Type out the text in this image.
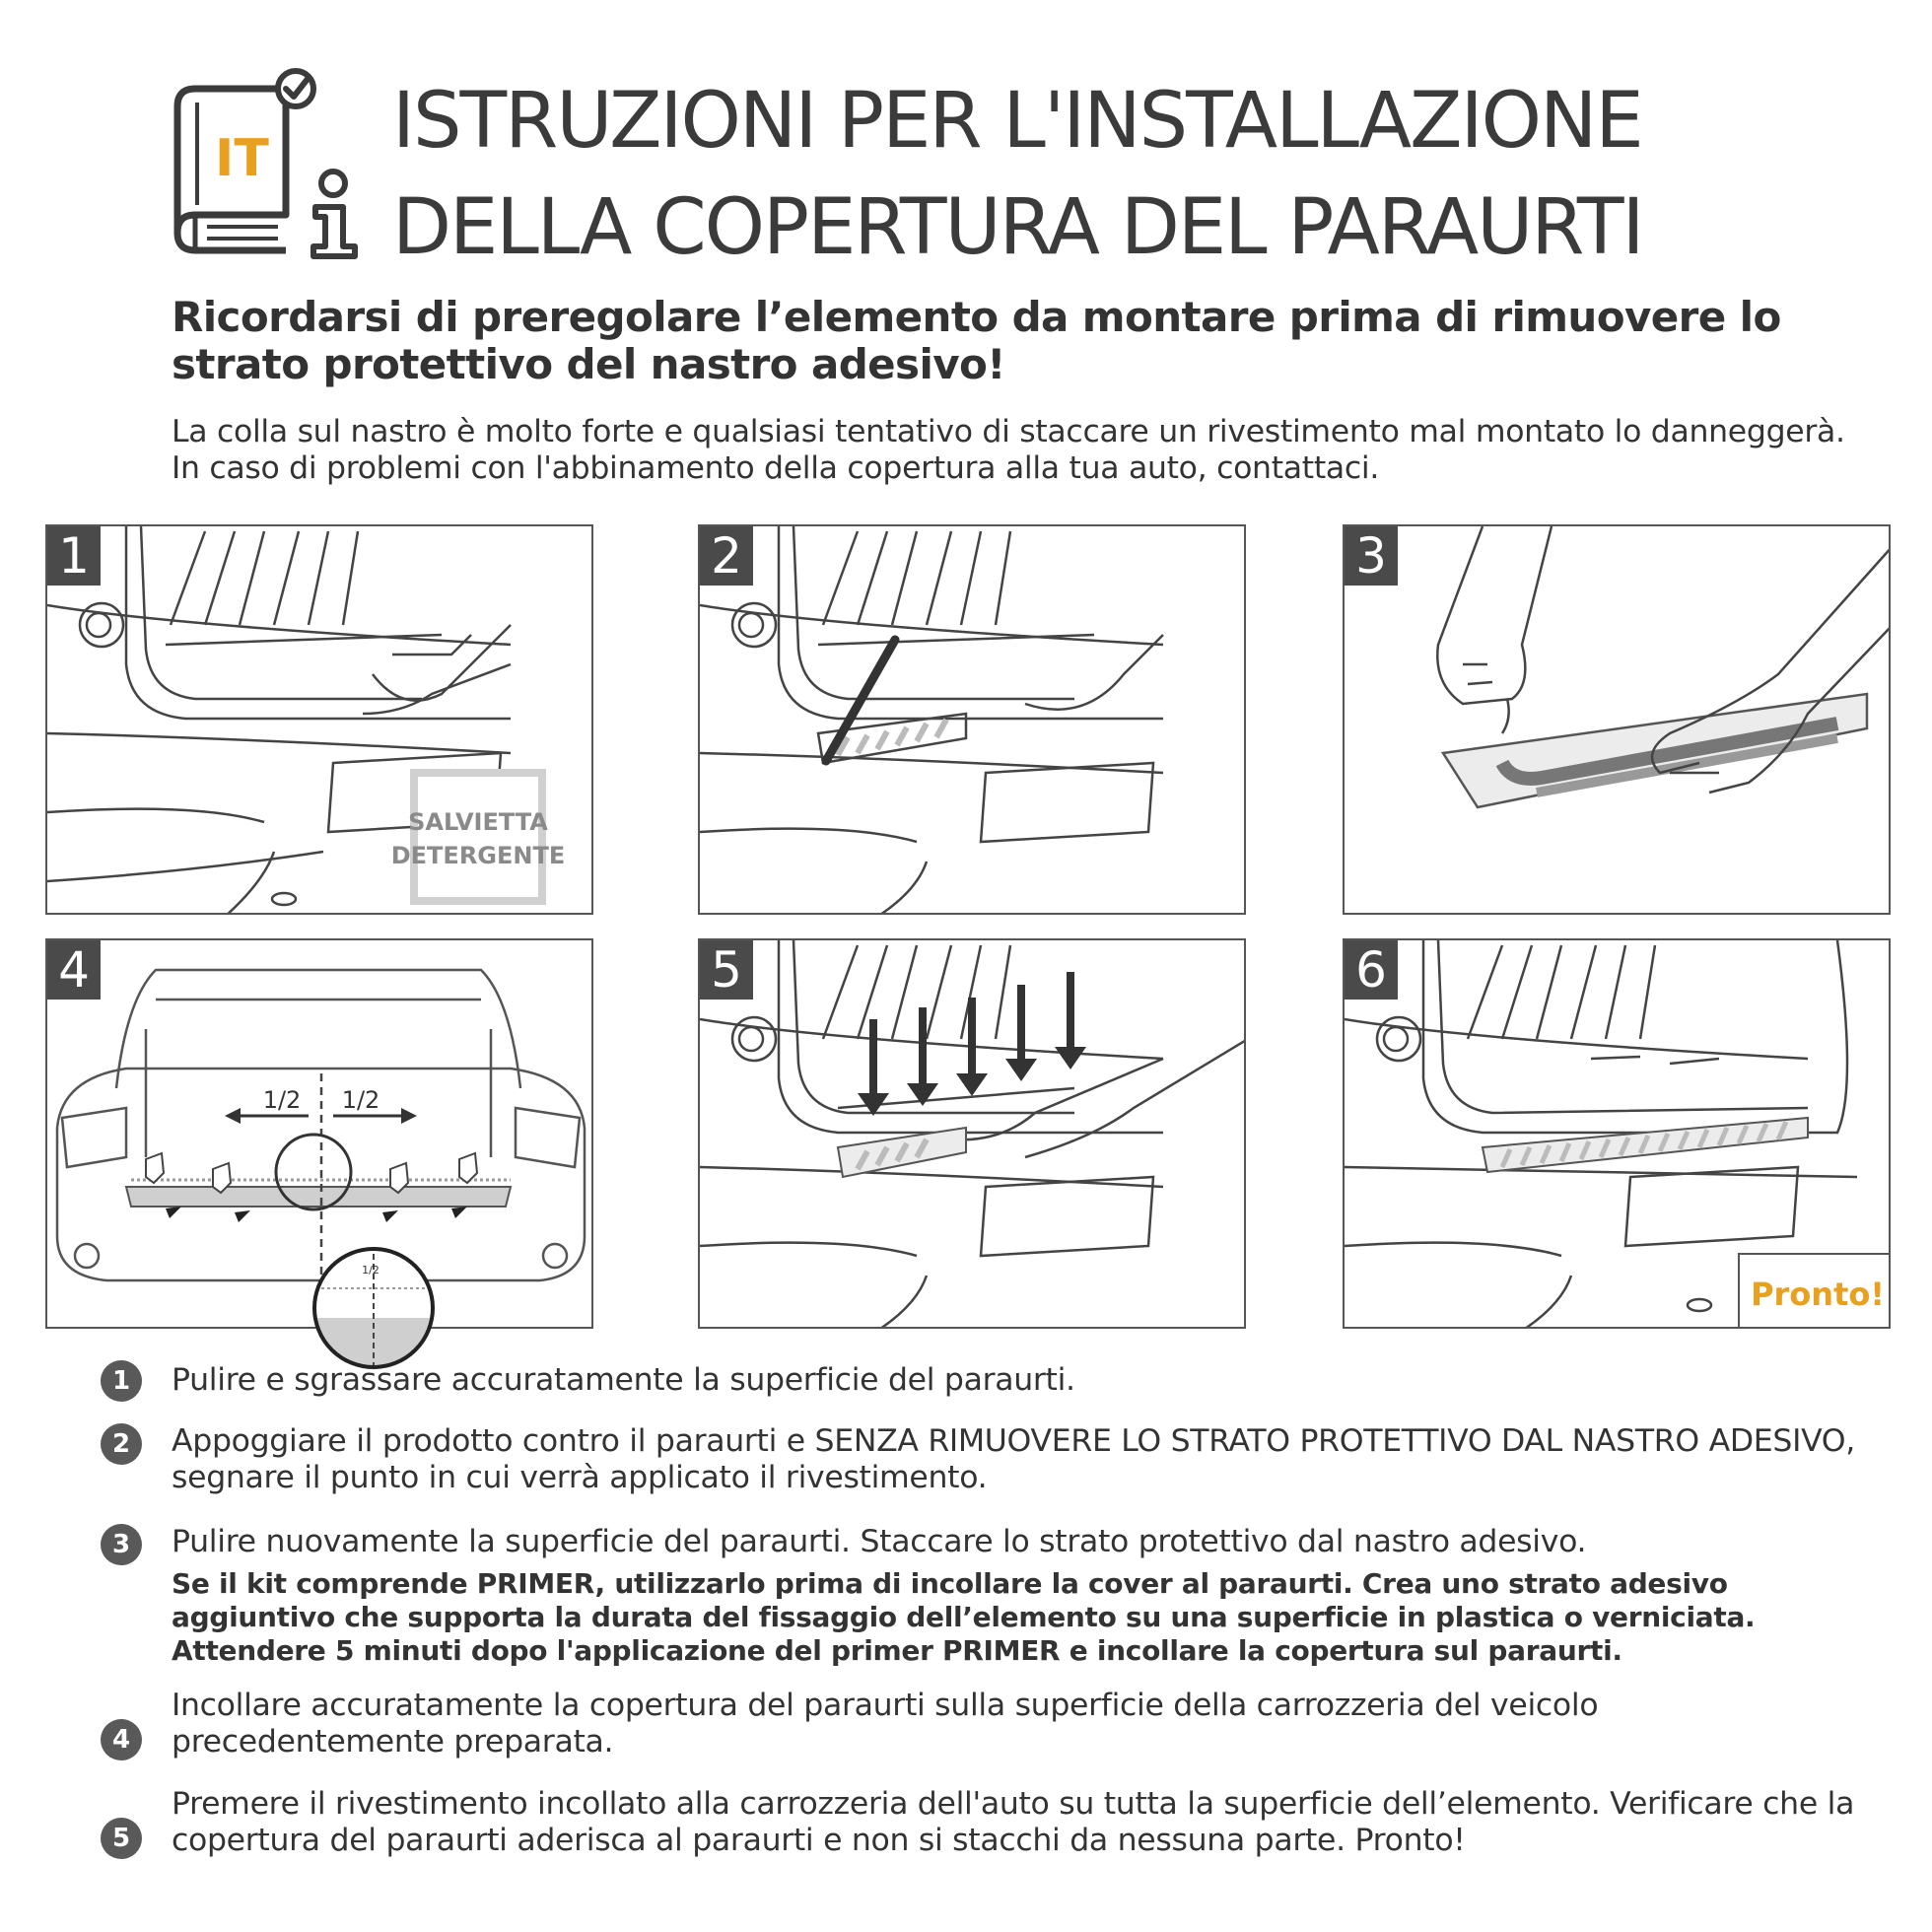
IT ISTRUZIONI PER L'INSTALLAZIONE
DELLA COPERTURA DEL PARAURTI
Ricordarsi di preregolare l’elemento da montare prima di rimuovere lo strato protettivo del nastro adesivo!
La colla sul nastro è molto forte e qualsiasi tentativo di staccare un rivestimento mal montato lo danneggerà. In caso di problemi con l'abbinamento della copertura alla tua auto, contattaci.
1
SALVIETTA
DETERGENTE
2	3
4
1/2 1/2
1/2
5	6
Pronto!
1	Pulire e sgrassare accuratamente la superficie del paraurti.
2	Appoggiare il prodotto contro il paraurti e SENZA RIMUOVERE LO STRATO PROTETTIVO DAL NASTRO ADESIVO, segnare il punto in cui verrà applicato il rivestimento.
3	Pulire nuovamente la superficie del paraurti. Staccare lo strato protettivo dal nastro adesivo.
Se il kit comprende PRIMER, utilizzarlo prima di incollare la cover al paraurti. Crea uno strato adesivo aggiuntivo che supporta la durata del fissaggio dell’elemento su una superficie in plastica o verniciata. Attendere 5 minuti dopo l'applicazione del primer PRIMER e incollare la copertura sul paraurti.
4
Incollare accuratamente la copertura del paraurti sulla superficie della carrozzeria del veicolo precedentemente preparata.
5
Premere il rivestimento incollato alla carrozzeria dell'auto su tutta la superficie dell’elemento. Verificare che la copertura del paraurti aderisca al paraurti e non si stacchi da nessuna parte. Pronto!
